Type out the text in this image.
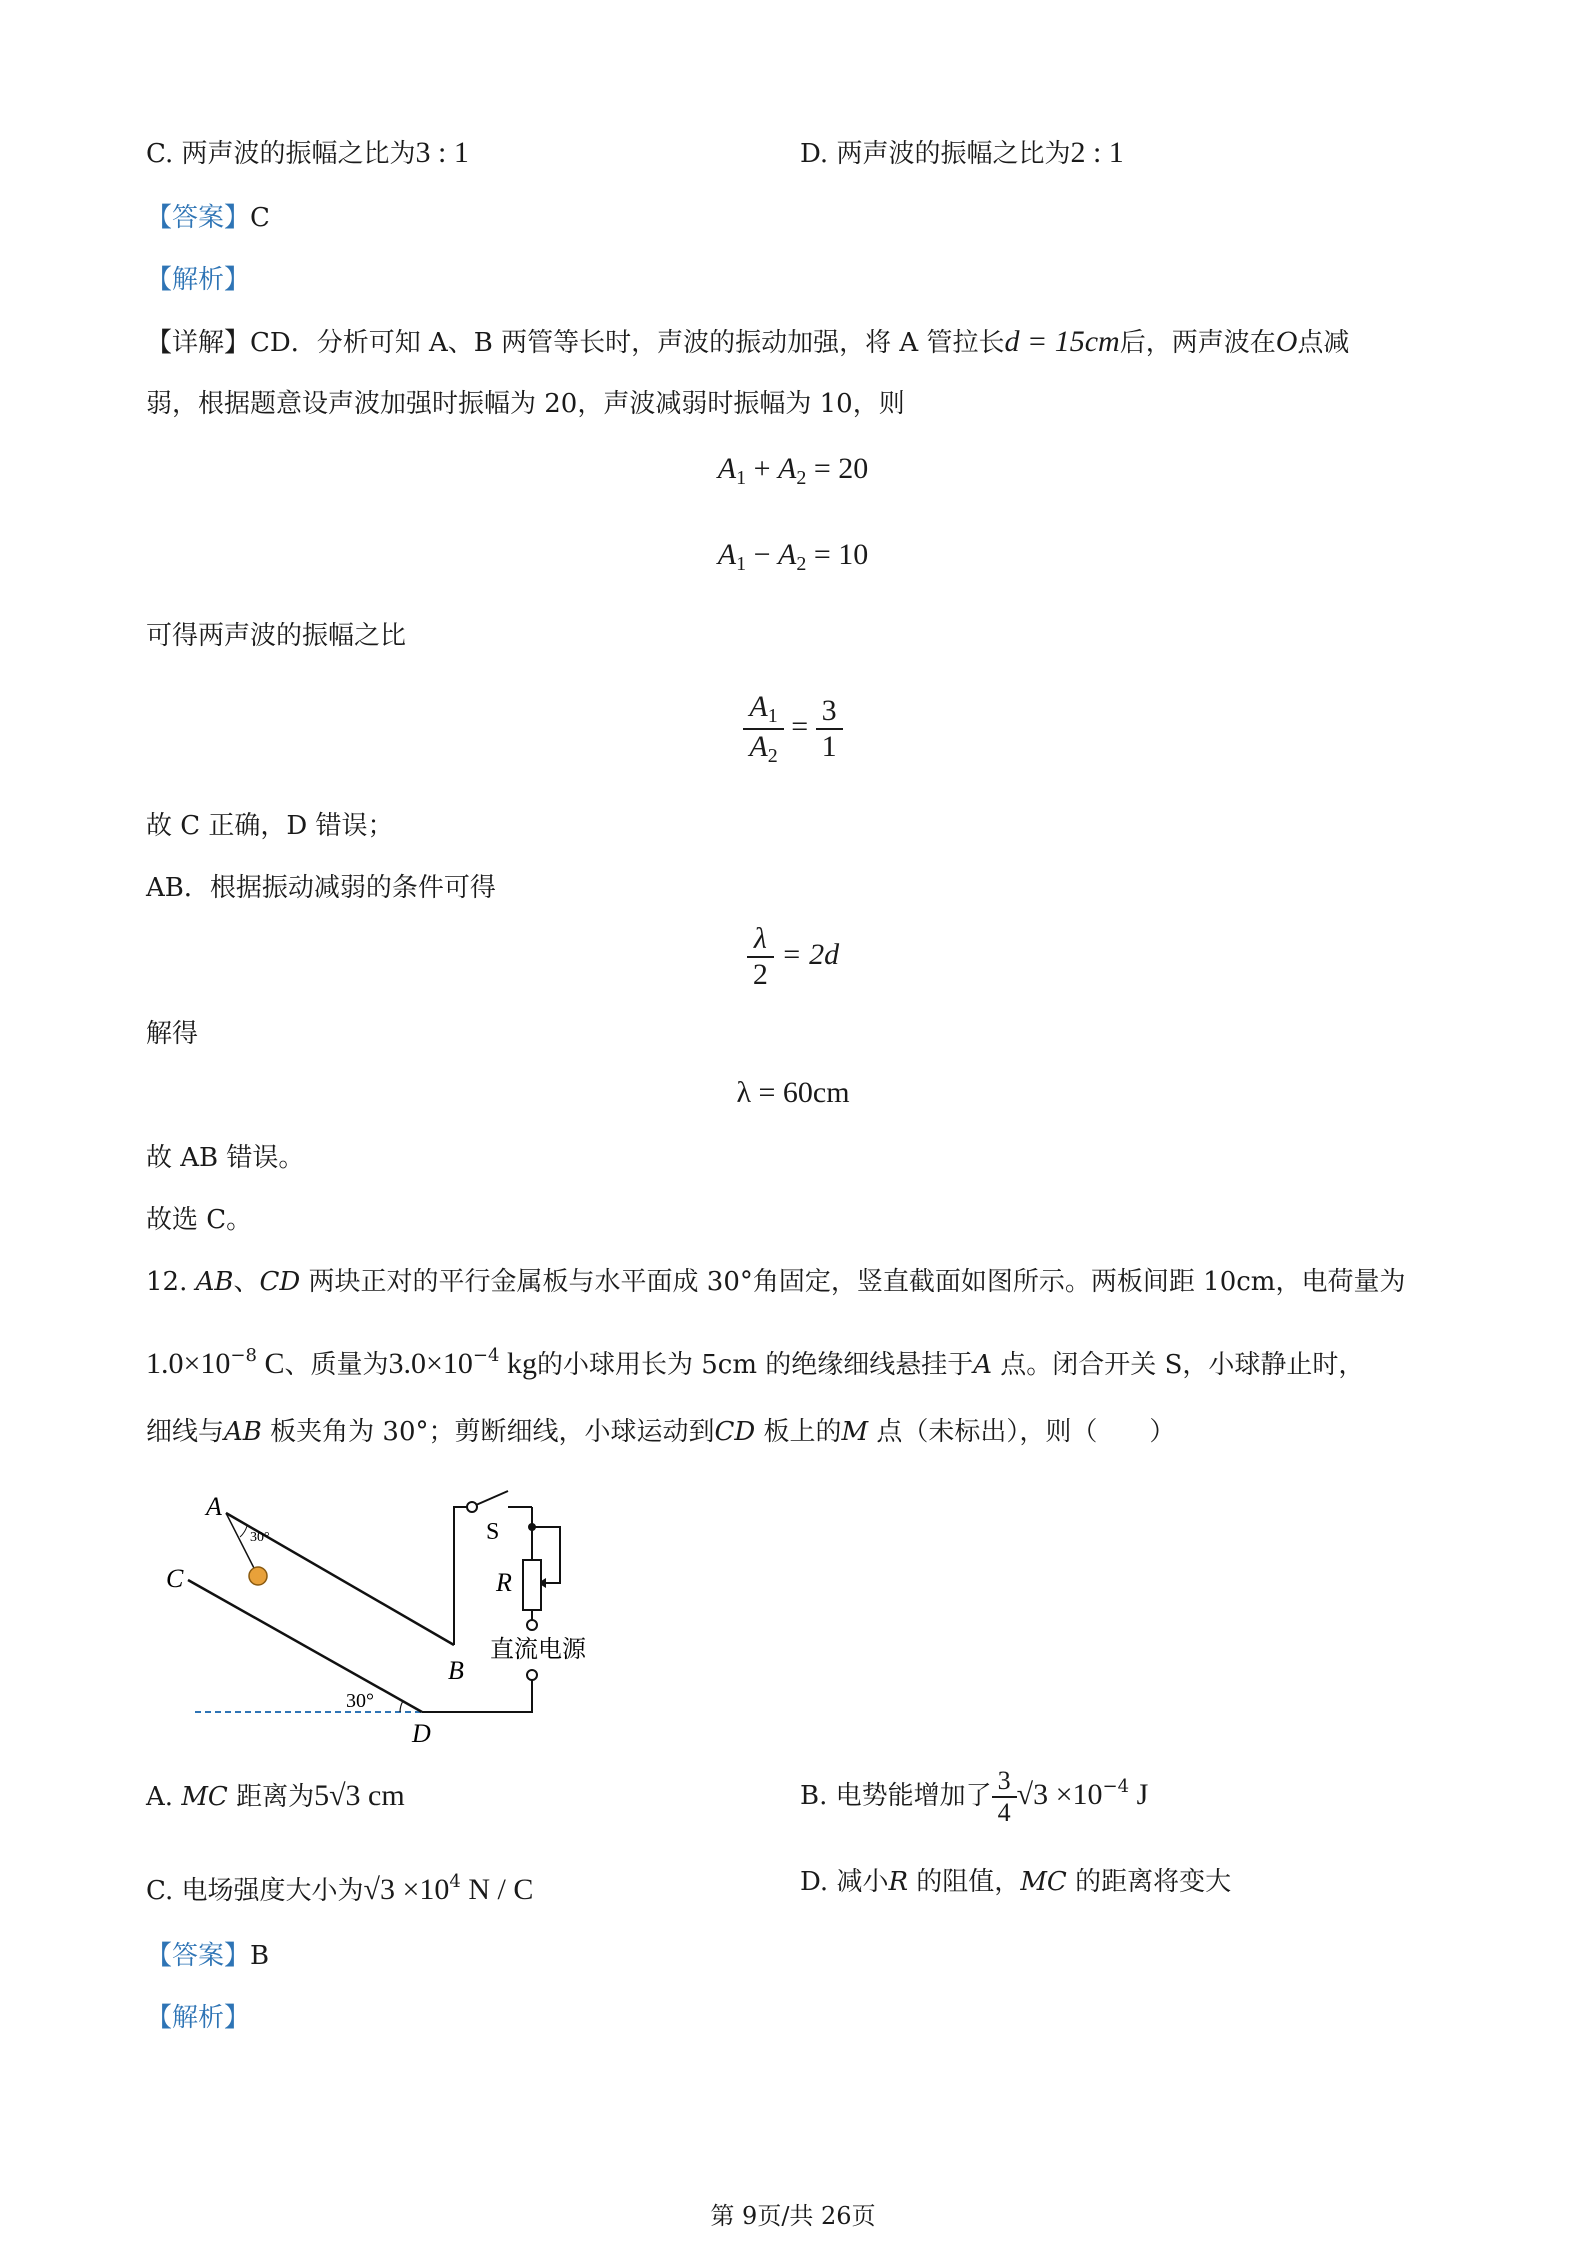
C. 两声波的振幅之比为3 : 1	D. 两声波的振幅之比为2 : 1
【答案】C
【解析】
【详解】CD．分析可知 A、B 两管等长时，声波的振动加强，将 A 管拉长d = 15cm后，两声波在O点减
弱，根据题意设声波加强时振幅为 20，声波减弱时振幅为 10，则
$A_1 + A_2 = 20$
$A_1 - A_2 = 10$
可得两声波的振幅之比
$\frac{A_1}{A_2} = \frac{3}{1}$
故 C 正确，D 错误；
AB．根据振动减弱的条件可得
$\frac{\lambda}{2} = 2d$
解得
λ = 60cm
故 AB 错误。
故选 C。
12. AB、CD 两块正对的平行金属板与水平面成 30°角固定，竖直截面如图所示。两板间距 10cm，电荷量为
$1.0\times 10^{-8}$ C、质量为$3.0\times 10^{-4}$ kg的小球用长为 5cm 的绝缘细线悬挂于A 点。闭合开关 S，小球静止时，
细线与AB 板夹角为 30°；剪断细线，小球运动到CD 板上的M 点（未标出），则（　　）
A
C
B
D
S
R
30°
30°
直流电源
A. MC 距离为5√3 cm	B. 电势能增加了 $\frac{3}{4} √3 \times 10^{-4}$ J
C. 电场强度大小为$√3 \times 10^4$ N / C	D. 减小R 的阻值，MC 的距离将变大
【答案】B
【解析】
第 9页/共 26页
